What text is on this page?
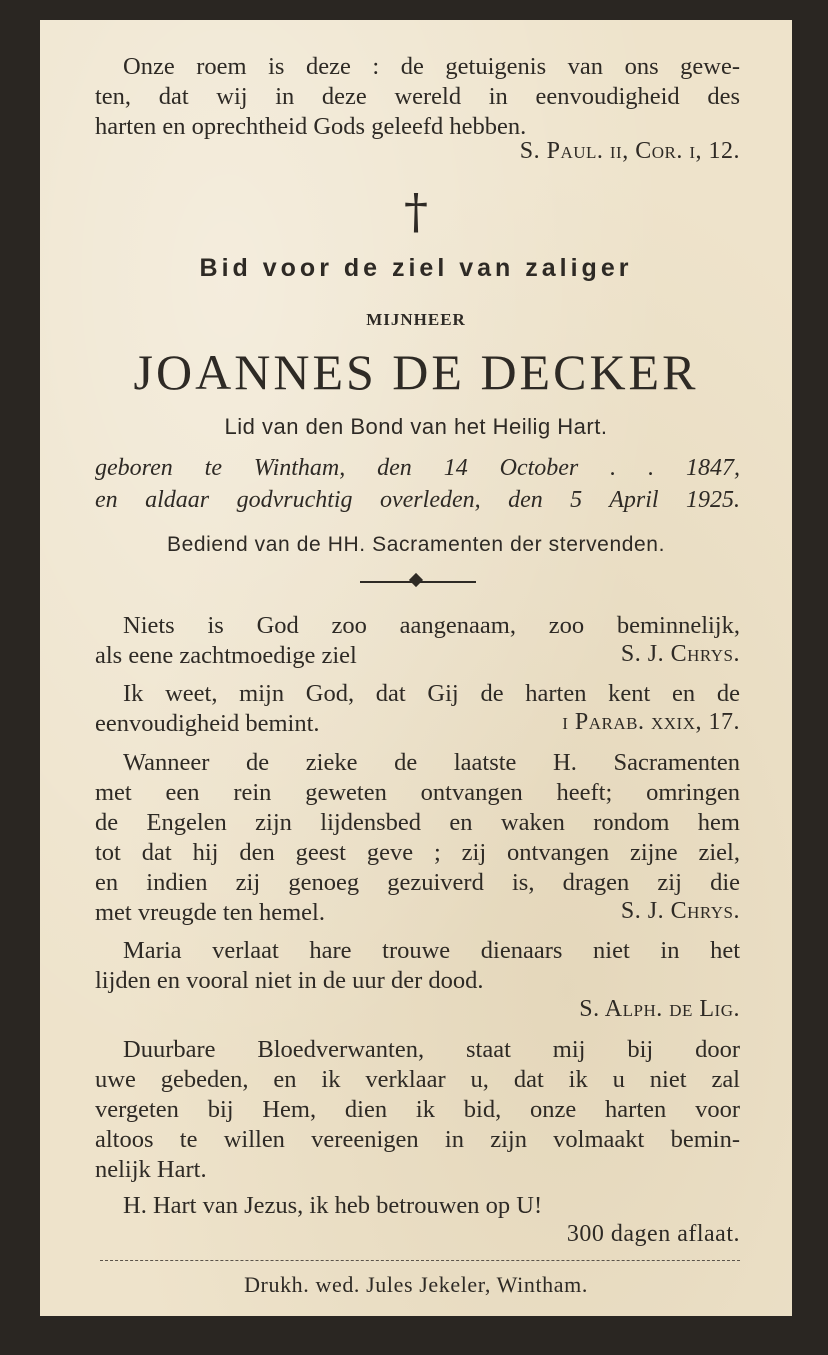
Onze roem is deze : de getuigenis van ons gewe-
ten, dat wij in deze wereld in eenvoudigheid des
harten en oprechtheid Gods geleefd hebben.
S. Paul. ii, Cor. i, 12.
†
Bid voor de ziel van zaliger
MIJNHEER
JOANNES DE DECKER
Lid van den Bond van het Heilig Hart.
geboren te Wintham, den 14 October . . 1847,
en aldaar godvruchtig overleden, den 5 April 1925.
Bediend van de HH. Sacramenten der stervenden.
Niets is God zoo aangenaam, zoo beminnelijk,
als eene zachtmoedige ziel	S. J. Chrys.
Ik weet, mijn God, dat Gij de harten kent en de
eenvoudigheid bemint.	i Parab. xxix, 17.
Wanneer de zieke de laatste H. Sacramenten
met een rein geweten ontvangen heeft; omringen
de Engelen zijn lijdensbed en waken rondom hem
tot dat hij den geest geve ; zij ontvangen zijne ziel,
en indien zij genoeg gezuiverd is, dragen zij die
met vreugde ten hemel.	S. J. Chrys.
Maria verlaat hare trouwe dienaars niet in het
lijden en vooral niet in de uur der dood.
S. Alph. de Lig.
Duurbare Bloedverwanten, staat mij bij door
uwe gebeden, en ik verklaar u, dat ik u niet zal
vergeten bij Hem, dien ik bid, onze harten voor
altoos te willen vereenigen in zijn volmaakt bemin-
nelijk Hart.
H. Hart van Jezus, ik heb betrouwen op U!
300 dagen aflaat.
Drukh. wed. Jules Jekeler, Wintham.
